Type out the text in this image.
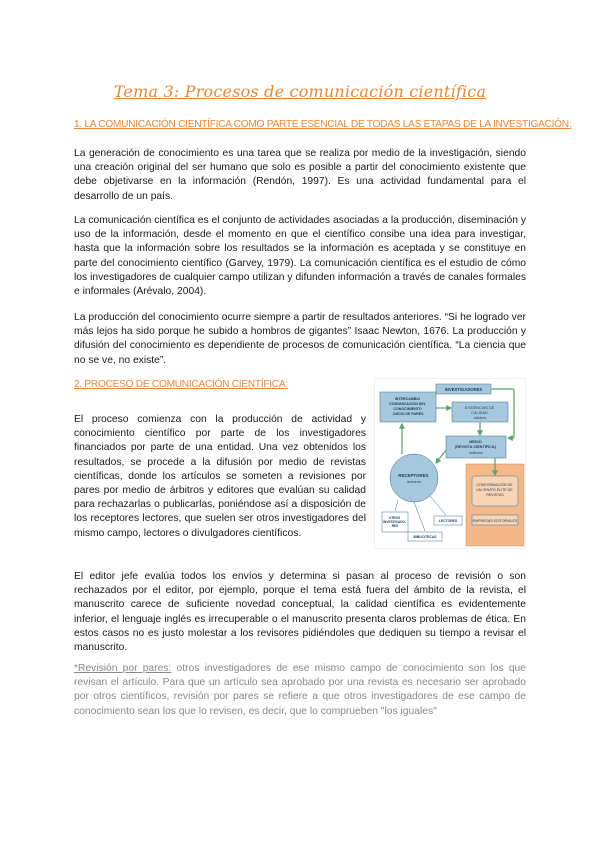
Tema 3: Procesos de comunicación científica
1. LA COMUNICACIÓN CIENTÍFICA COMO PARTE ESENCIAL DE TODAS LAS ETAPAS DE LA INVESTIGACIÓN:

La generación de conocimiento es una tarea que se realiza por medio de la investigación, siendo una creación original del ser humano que solo es posible a partir del conocimiento existente que debe objetivarse en la información (Rendón, 1997). Es una actividad fundamental para el desarrollo de un país.

La comunicación científica es el conjunto de actividades asociadas a la producción, diseminación y uso de la información, desde el momento en que el científico consibe una idea para investigar, hasta que la información sobre los resultados se la información es aceptada y se constituye en parte del conocimiento científico (Garvey, 1979). La comunicación científica es el estudio de cómo los investigadores de cualquier campo utilizan y difunden información a través de canales formales e informales (Arévalo, 2004).

La producción del conocimiento ocurre siempre a partir de resultados anteriores. “Si he logrado ver más lejos ha sido porque he subido a hombros de gigantes” Isaac Newton, 1676. La producción y difusión del conocimiento es dependiente de procesos de comunicación científica. “La ciencia que no se ve, no existe”.

2. PROCESO DE COMUNICACIÓN CIENTÍFICA:

El proceso comienza con la producción de actividad y conocimiento científico por parte de los investigadores financiados por parte de una entidad. Una vez obtenidos los resultados, se procede a la difusión por medio de revistas científicas, donde los artículos se someten a revisiones por pares por medio de árbitros y editores que evalúan su calidad para rechazarlas o publicarlas, poniéndose así a disposición de los receptores lectores, que suelen ser otros investigadores del mismo campo, lectores o divulgadores científicos.

INVESTIGADORES
INTERCAMBIO COMUNICACIÓN DEL CONOCIMIENTO JUICIO DE PARES
EXIGENCIAS DE CALIDAD árbitros
MEDIO (REVISTA CIENTÍFICA) editores
RECEPTORES lectores
CONFORMACIÓN DE UN GRUPO ÉLITE DE REVISTAS
EMPRESAS EDITORIALES
OTROS INVESTIGADO- RES
LECTORES
BIBLIOTECAS

El editor jefe evalúa todos los envíos y determina si pasan al proceso de revisión o son rechazados por el editor, por ejemplo, porque el tema está fuera del ámbito de la revista, el manuscrito carece de suficiente novedad conceptual, la calidad científica es evidentemente inferior, el lenguaje inglés es irrecuperable o el manuscrito presenta claros problemas de ética. En estos casos no es justo molestar a los revisores pidiéndoles que dediquen su tiempo a revisar el manuscrito.

*Revisión por pares: otros investigadores de ese mismo campo de conocimiento son los que revisan el artículo. Para que un artículo sea aprobado por una revista es necesario ser aprobado por otros científicos, revisión por pares se refiere a que otros investigadores de ese campo de conocimiento sean los que lo revisen, es decir, que lo comprueben "los iguales"
